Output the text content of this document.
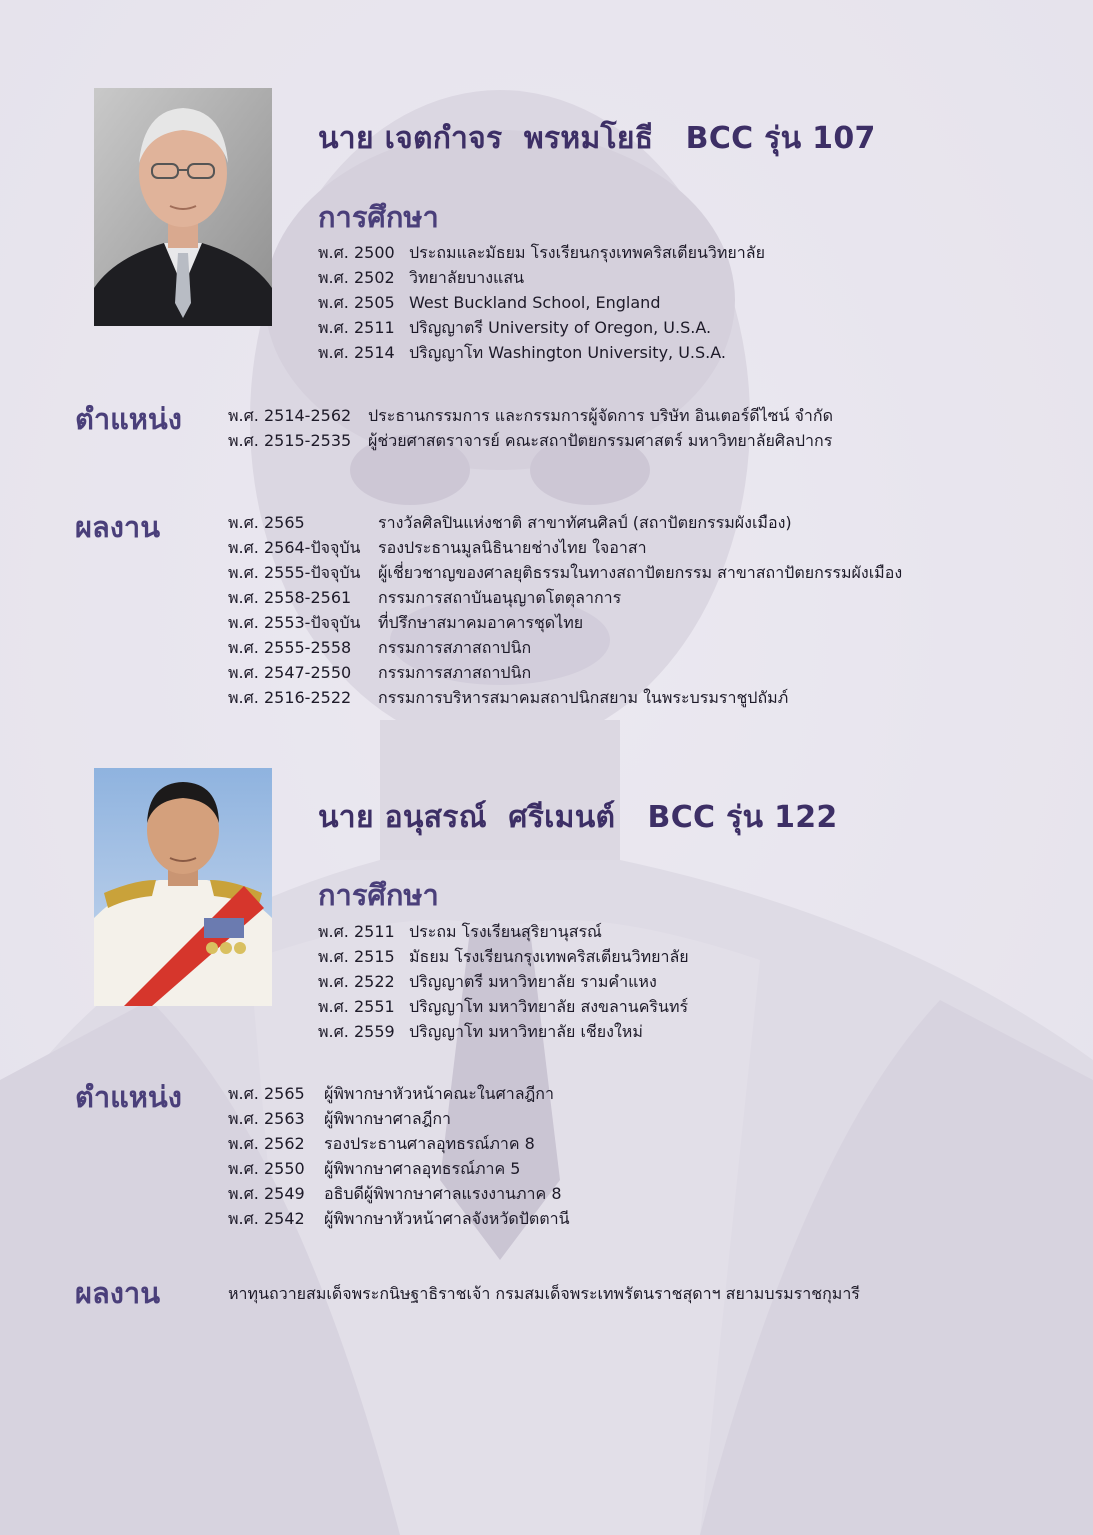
นาย เจตกำจร  พรหมโยธี   BCC รุ่น 107
การศึกษา
พ.ศ. 2500 ประถมและมัธยม โรงเรียนกรุงเทพคริสเตียนวิทยาลัย
พ.ศ. 2502 วิทยาลัยบางแสน
พ.ศ. 2505 West Buckland School, England
พ.ศ. 2511 ปริญญาตรี University of Oregon, U.S.A.
พ.ศ. 2514 ปริญญาโท Washington University, U.S.A.
ตำแหน่ง	พ.ศ. 2514-2562 ประธานกรรมการ และกรรมการผู้จัดการ บริษัท อินเตอร์ดีไซน์ จำกัด
พ.ศ. 2515-2535 ผู้ช่วยศาสตราจารย์ คณะสถาปัตยกรรมศาสตร์ มหาวิทยาลัยศิลปากร
ผลงาน	พ.ศ. 2565	รางวัลศิลปินแห่งชาติ สาขาทัศนศิลป์ (สถาปัตยกรรมผังเมือง)
พ.ศ. 2564-ปัจจุบัน รองประธานมูลนิธินายช่างไทย ใจอาสา
พ.ศ. 2555-ปัจจุบัน ผู้เชี่ยวชาญของศาลยุติธรรมในทางสถาปัตยกรรม สาขาสถาปัตยกรรมผังเมือง
พ.ศ. 2558-2561 กรรมการสถาบันอนุญาตโตตุลาการ
พ.ศ. 2553-ปัจจุบัน ที่ปรึกษาสมาคมอาคารชุดไทย
พ.ศ. 2555-2558 กรรมการสภาสถาปนิก
พ.ศ. 2547-2550 กรรมการสภาสถาปนิก
พ.ศ. 2516-2522 กรรมการบริหารสมาคมสถาปนิกสยาม ในพระบรมราชูปถัมภ์
นาย อนุสรณ์  ศรีเมนต์   BCC รุ่น 122
การศึกษา
พ.ศ. 2511 ประถม โรงเรียนสุริยานุสรณ์
พ.ศ. 2515 มัธยม โรงเรียนกรุงเทพคริสเตียนวิทยาลัย
พ.ศ. 2522 ปริญญาตรี มหาวิทยาลัย รามคำแหง
พ.ศ. 2551 ปริญญาโท มหาวิทยาลัย สงขลานครินทร์
พ.ศ. 2559 ปริญญาโท มหาวิทยาลัย เชียงใหม่
ตำแหน่ง	พ.ศ. 2565 ผู้พิพากษาหัวหน้าคณะในศาลฎีกา
พ.ศ. 2563 ผู้พิพากษาศาลฎีกา
พ.ศ. 2562 รองประธานศาลอุทธรณ์ภาค 8
พ.ศ. 2550 ผู้พิพากษาศาลอุทธรณ์ภาค 5
พ.ศ. 2549 อธิบดีผู้พิพากษาศาลแรงงานภาค 8
พ.ศ. 2542 ผู้พิพากษาหัวหน้าศาลจังหวัดปัตตานี
ผลงาน	หาทุนถวายสมเด็จพระกนิษฐาธิราชเจ้า กรมสมเด็จพระเทพรัตนราชสุดาฯ สยามบรมราชกุมารี
